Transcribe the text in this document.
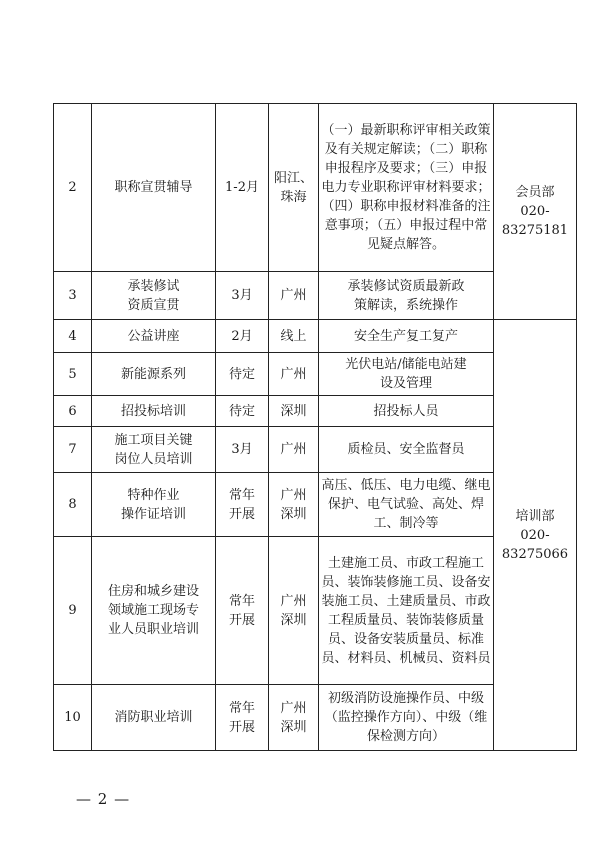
2	职称宣贯辅导	1-2月	阳江、
珠海	（一）最新职称评审相关政策及有关规定解读；（二）职称申报程序及要求；（三）申报电力专业职称评审材料要求；（四）职称申报材料准备的注意事项；（五）申报过程中常见疑点解答。	会员部
020-83275181
3	承装修试
资质宣贯	3月	广州	承装修试资质最新政
策解读，系统操作	
4	公益讲座	2月	线上	安全生产复工复产	培训部
020-83275066
5	新能源系列	待定	广州	光伏电站/储能电站建
设及管理	
6	招投标培训	待定	深圳	招投标人员	
7	施工项目关键
岗位人员培训	3月	广州	质检员、安全监督员	
8	特种作业
操作证培训	常年
开展	广州
深圳	高压、低压、电力电缆、继电保护、电气试验、高处、焊工、制冷等	
9	住房和城乡建设
领域施工现场专
业人员职业培训	常年
开展	广州
深圳	土建施工员、市政工程施工员、装饰装修施工员、设备安装施工员、土建质量员、市政工程质量员、装饰装修质量员、设备安装质量员、标准员、材料员、机械员、资料员	
10	消防职业培训	常年
开展	广州
深圳	初级消防设施操作员、中级（监控操作方向）、中级（维保检测方向）	
— 2 —
